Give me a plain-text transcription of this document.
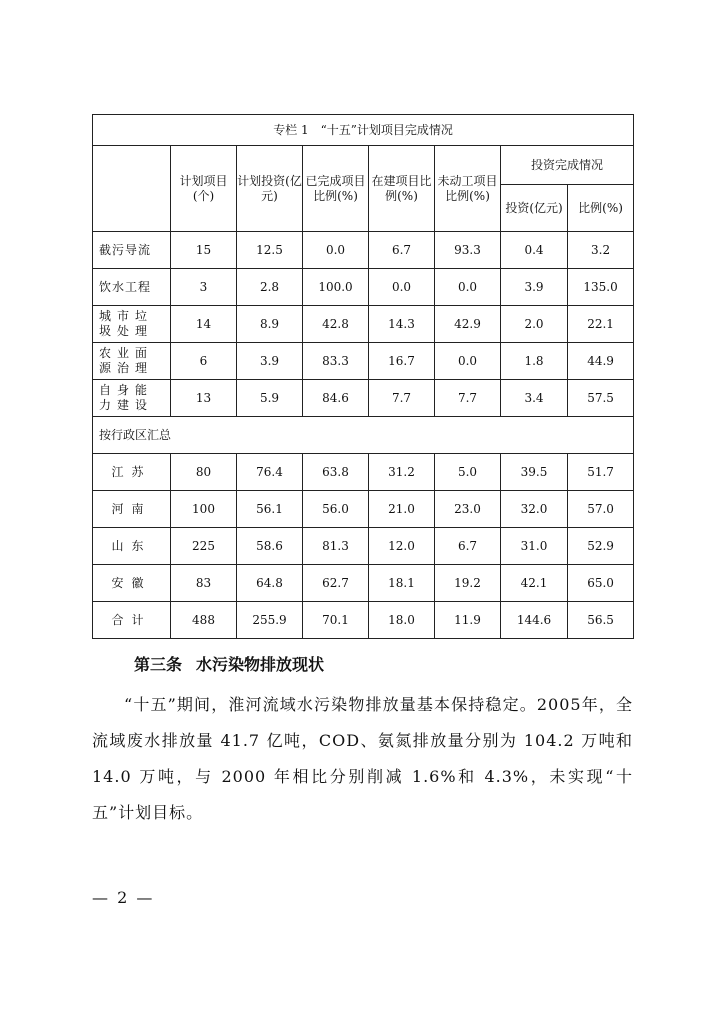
专栏 1　“十五”计划项目完成情况							
	计划项目(个)	计划投资(亿元)	已完成项目比例(%)	在建项目比例(%)	未动工项目比例(%)	投资完成情况	
						投资(亿元)	比例(%)
截污导流	15	12.5	0.0	6.7	93.3	0.4	3.2
饮水工程	3	2.8	100.0	0.0	0.0	3.9	135.0
城市垃圾处理	14	8.9	42.8	14.3	42.9	2.0	22.1
农业面源治理	6	3.9	83.3	16.7	0.0	1.8	44.9
自身能力建设	13	5.9	84.6	7.7	7.7	3.4	57.5
按行政区汇总							
江苏	80	76.4	63.8	31.2	5.0	39.5	51.7
河南	100	56.1	56.0	21.0	23.0	32.0	57.0
山东	225	58.6	81.3	12.0	6.7	31.0	52.9
安徽	83	64.8	62.7	18.1	19.2	42.1	65.0
合计	488	255.9	70.1	18.0	11.9	144.6	56.5
第三条 水污染物排放现状

“十五”期间，淮河流域水污染物排放量基本保持稳定。2005年，全流域废水排放量 41.7 亿吨，COD、氨氮排放量分别为 104.2 万吨和 14.0 万吨，与 2000 年相比分别削减 1.6%和 4.3%，未实现“十五”计划目标。

— 2 —
